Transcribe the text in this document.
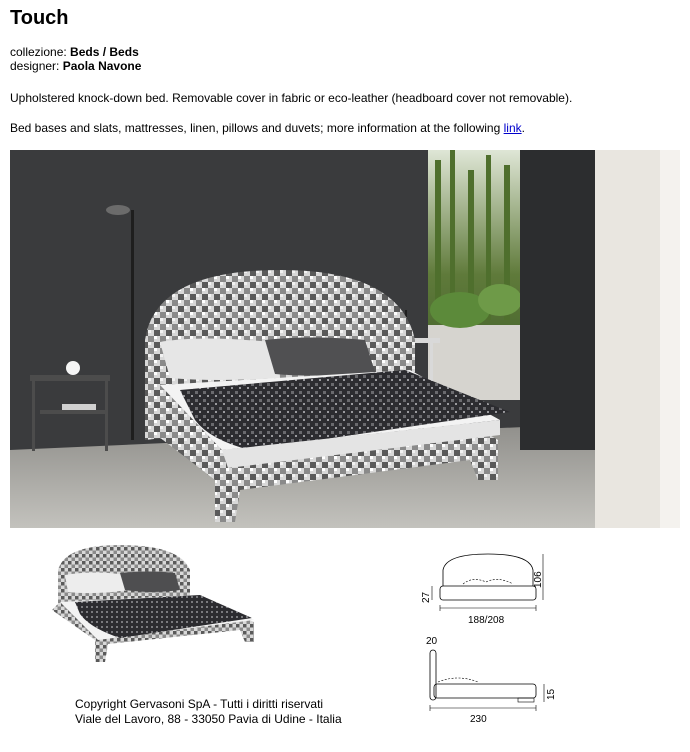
Touch
collezione: Beds / Beds
designer: Paola Navone
Upholstered knock-down bed. Removable cover in fabric or eco-leather (headboard cover not removable).
Bed bases and slats, mattresses, linen, pillows and duvets; more information at the following link.
188/208
27
106
20
230
15
Copyright Gervasoni SpA - Tutti i diritti riservati
Viale del Lavoro, 88 - 33050 Pavia di Udine - Italia
